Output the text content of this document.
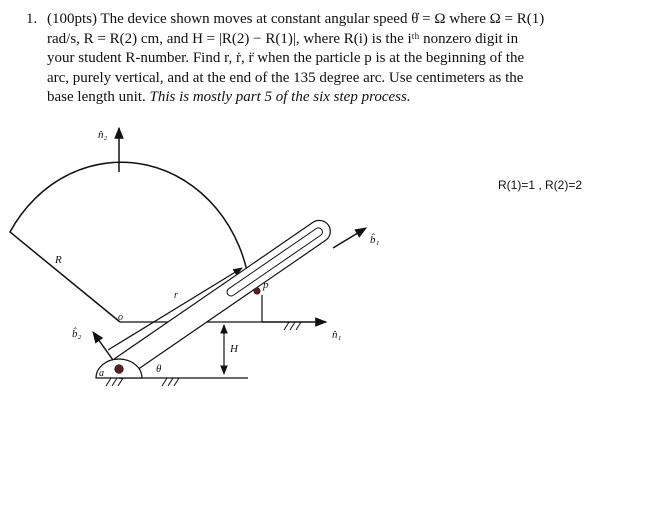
1. (100pts) The device shown moves at constant angular speed θ̇ = Ω where Ω = R(1)
rad/s, R = R(2) cm, and H = |R(2) − R(1)|, where R(i) is the iᵗʰ nonzero digit in
your student R-number. Find r, ṙ, r̈ when the particle p is at the beginning of the
arc, purely vertical, and at the end of the 135 degree arc. Use centimeters as the
base length unit. This is mostly part 5 of the six step process.
R(1)=1 , R(2)=2
n̂₂
R
n̂₁
o
r
b̂₁
b̂₂
p
a	θ
H
